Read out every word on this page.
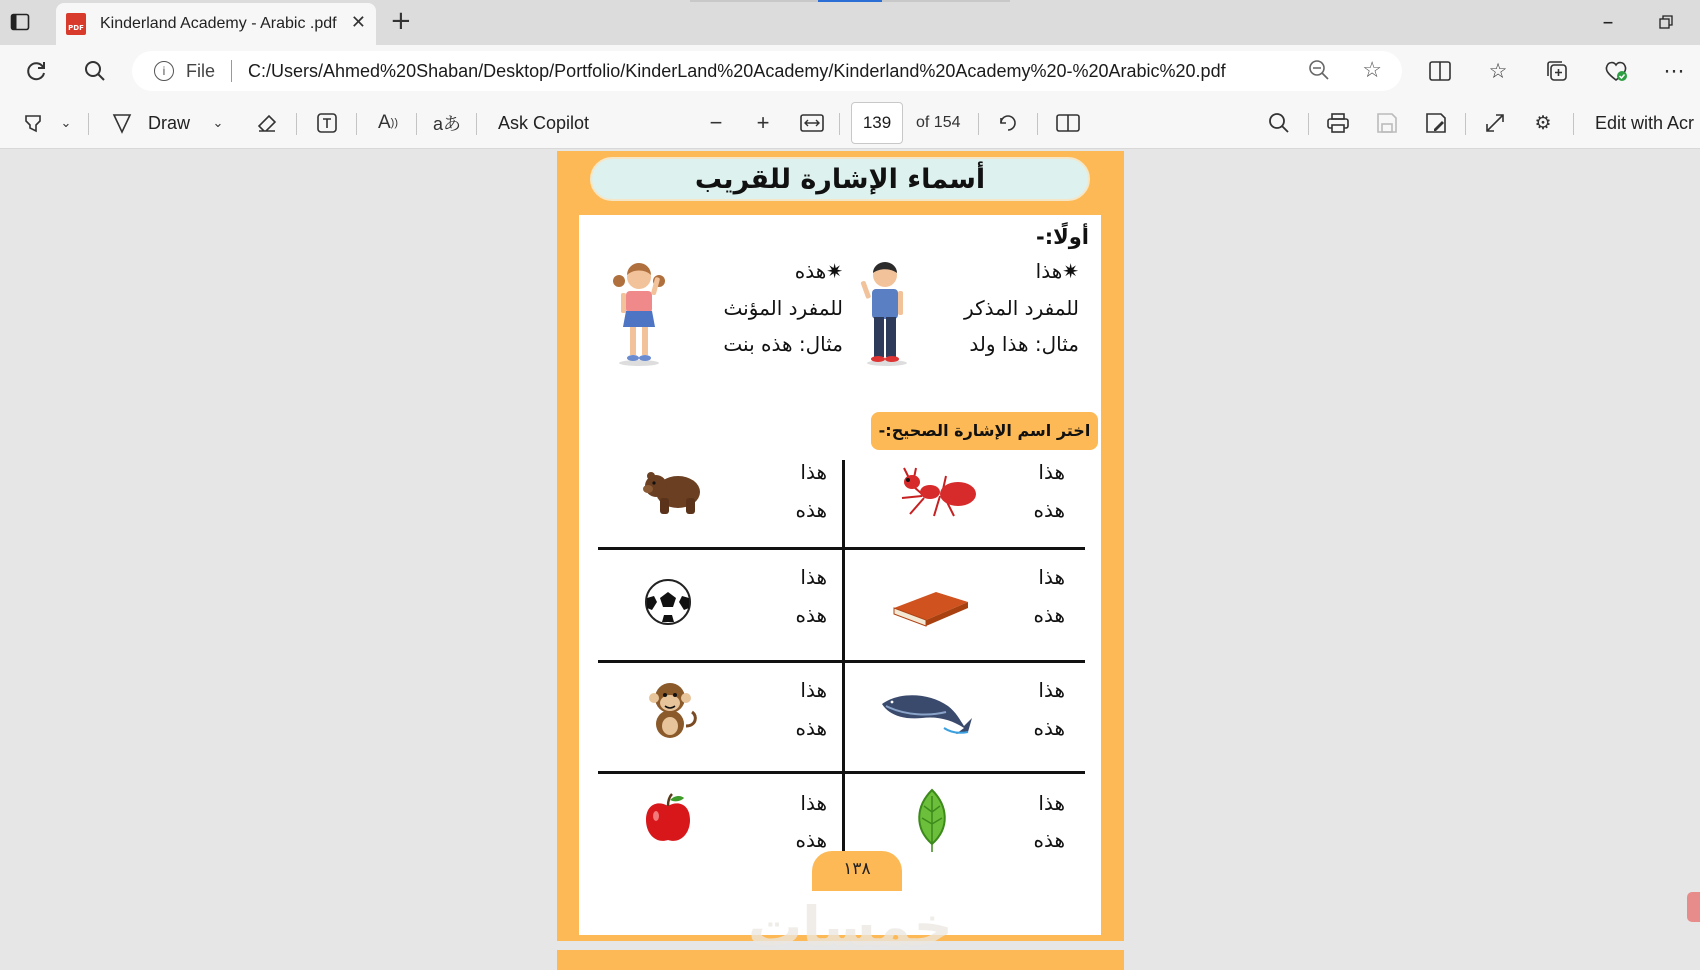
PDF Kinderland Academy - Arabic .pdf ✕ +	–
i	File C:/Users/Ahmed%20Shaban/Desktop/Portfolio/KinderLand%20Academy/Kinderland%20Academy%20-%20Arabic%20.pdf	☆	☆	⋯
⌄	Draw	⌄	A )) aあ Ask Copilot	− +	139	of 154	⚙	Edit with Acr
أسماء الإشارة للقريب
أولًا:-
✷هذا
للمفرد المذكر
مثال: هذا ولد
✷هذه
للمفرد المؤنث
مثال: هذه بنت
اختر اسم الإشارة الصحيح:-
هذا
هذه
هذا
هذه
هذا
هذه
هذا
هذه
هذا
هذه
هذا
هذه
هذا
هذه
هذا
هذه
١٣٨
خمسات
